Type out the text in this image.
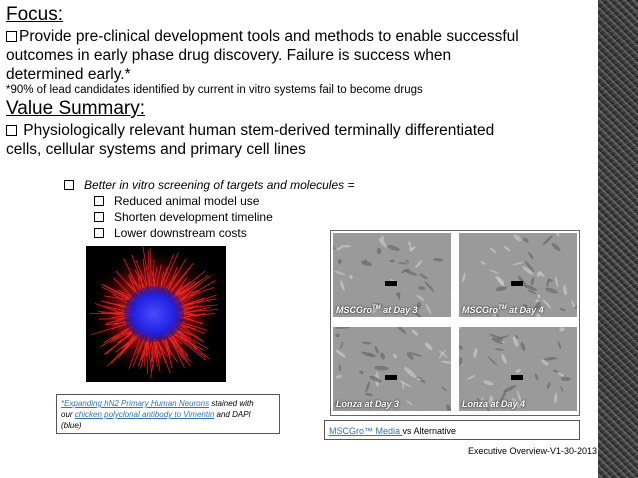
Focus:
Provide pre-clinical development tools and methods to enable successful
outcomes in early phase drug discovery. Failure is success when
determined early.*
*90% of lead candidates identified by current in vitro systems fail to become drugs
Value Summary:
Physiologically relevant human stem-derived terminally differentiated
cells, cellular systems and primary cell lines
Better in vitro screening of targets and molecules =
Reduced animal model use
Shorten development timeline
Lower downstream costs
*Expanding hN2 Primary Human Neurons stained with
our chicken polyclonal antibody to Vimentin and DAPI
(blue)
MSCGro™ at Day 3	MSCGro™ at Day 4
Lonza at Day 3	Lonza at Day 4
MSCGro™ Media vs Alternative
Executive Overview-V1-30-2013
